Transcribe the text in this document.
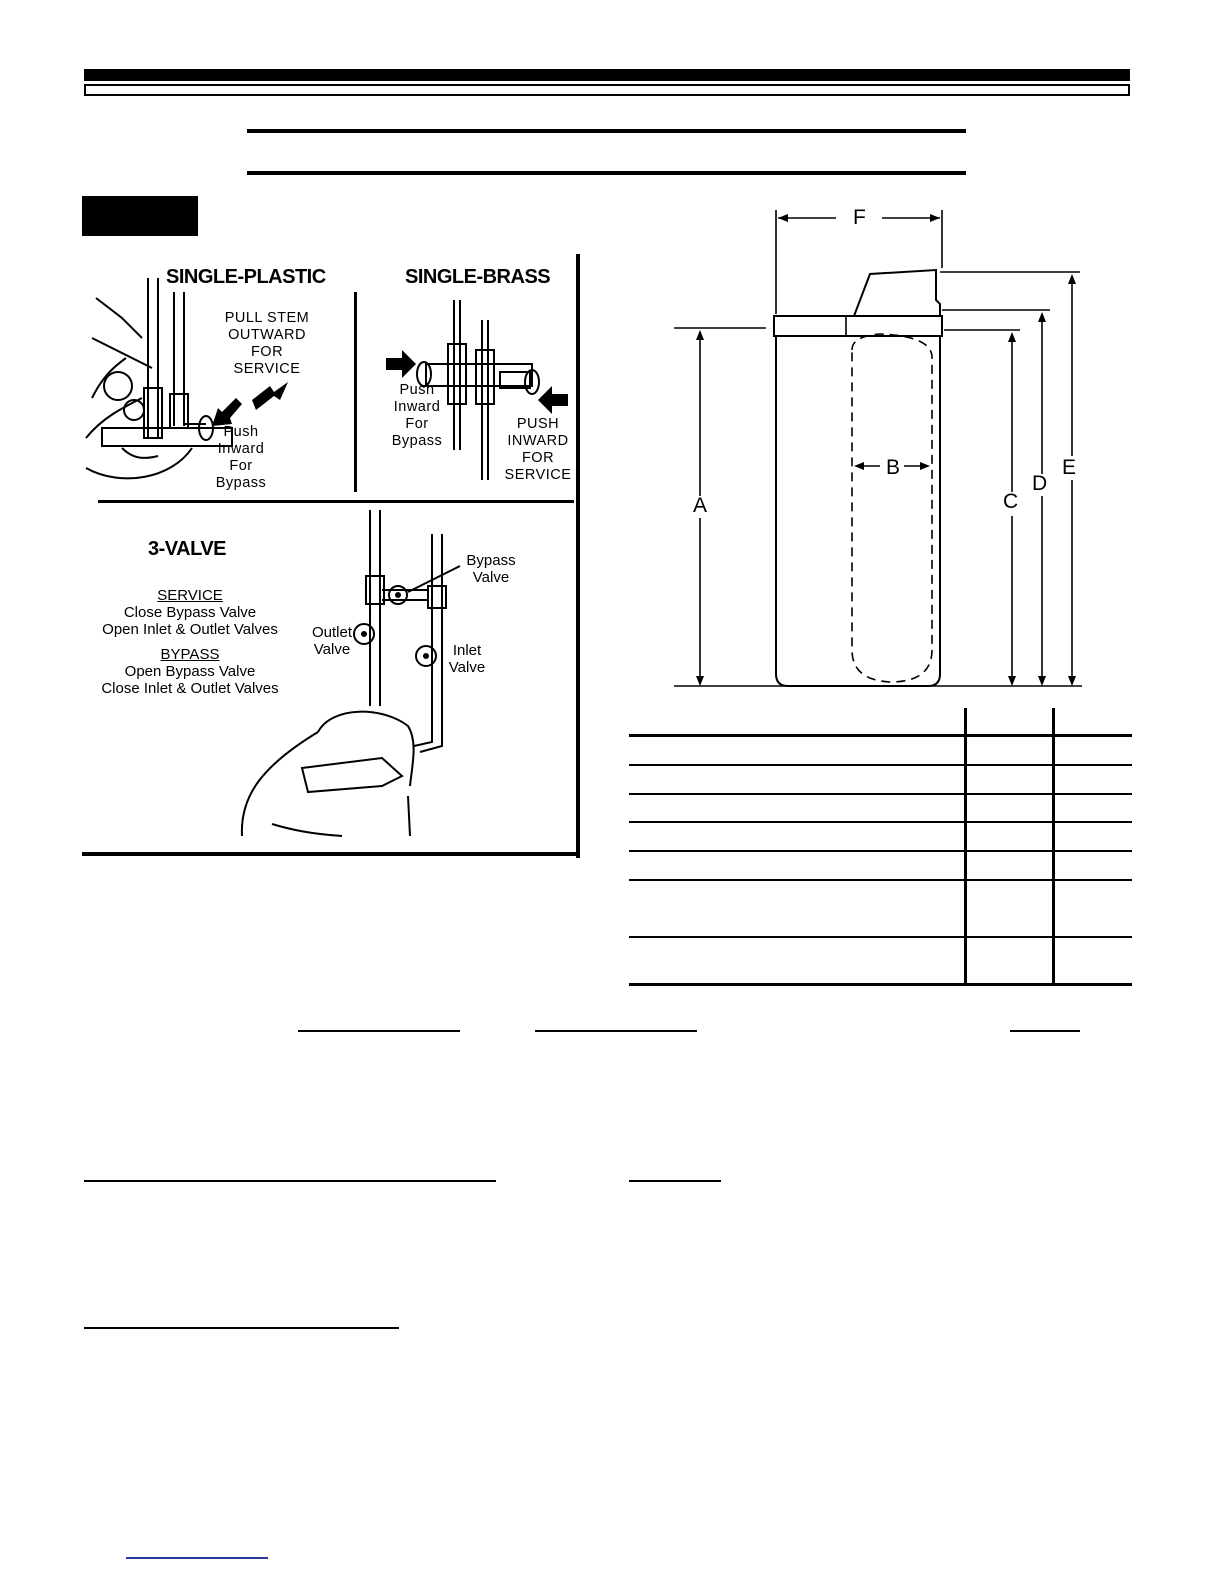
SINGLE-PLASTIC
PULL STEM
OUTWARD
FOR
SERVICE
Push
Inward
For
Bypass
SINGLE-BRASS
Push
Inward
For
Bypass
PUSH
INWARD
FOR
SERVICE
3-VALVE
SERVICE
Close Bypass Valve
Open Inlet & Outlet Valves
BYPASS
Open Bypass Valve
Close Inlet & Outlet Valves
Bypass
Valve
Outlet
Valve	Inlet
Valve
F
B
A	C
D
E
